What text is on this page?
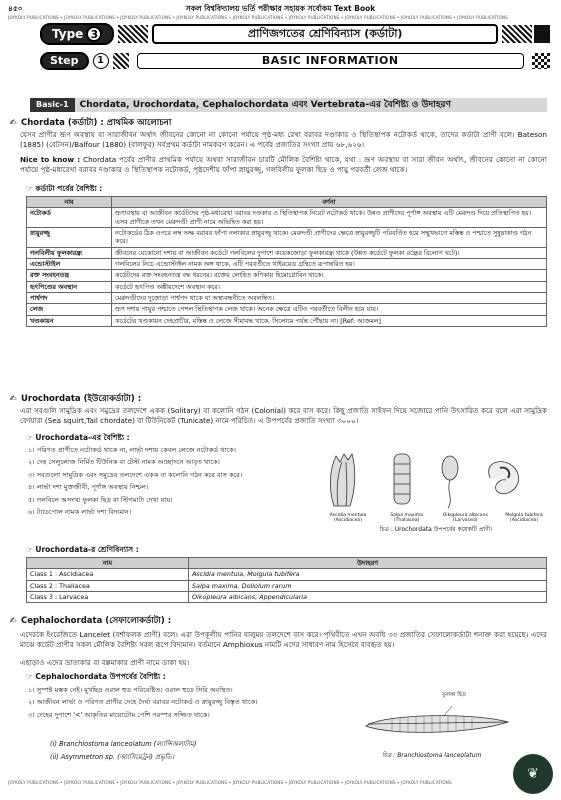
৪৫০	সকল বিশ্ববিদ্যালয় ভর্তি পরীক্ষার সহায়ক সর্বোকম Text Book
JOYKOLY PUBLICATIONS • JOYKOLY PUBLICATIONS • JOYKOLY PUBLICATIONS • JOYKOLY PUBLICATIONS • JOYKOLY PUBLICATIONS • JOYKOLY PUBLICATIONS • JOYKOLY PUBLICATIONS • JOYKOLY PUBLICATIONS • JOYKOLY PUBLICATIONS
Type 3	প্রাণিজগতের শ্রেণিবিন্যাস (কর্ডাটা)
Step	1	BASIC INFORMATION
Basic-1	Chordata, Urochordata, Cephalochordata এবং Vertebrata-এর বৈশিষ্ট্য ও উদাহরণ
✍ Chordata (কর্ডাটা) : প্রাথমিক আলোচনা
যেসব প্রাণীর ভ্রূণ অবস্থায় বা সারাজীবন অর্থাৎ জীবনের কোনো না কোনো পর্যায়ে পৃষ্ঠ-মধ্য রেখা বরাবর দণ্ডাকার ও স্থিতিস্থাপক নটোকর্ড থাকে, তাদের কর্ডাটা প্রাণী বলে। Bateson (1885) (বেটসন)/Balfour (1880) (বালফুর) সর্বপ্রথম কর্ডাটা নামকরণ করেন। এ পর্বের প্রজাতির সংখ্যা প্রায় ৬৮,৬২৬।
Nice to know : Chordata পর্বের প্রাণীর প্রাথমিক পর্যায়ে অথবা সারাজীবন চারটি মৌলিক বৈশিষ্ট্য থাকে, যথা : ভ্রূণ অবস্থায় বা সারা জীবন অর্থাৎ, জীবনের কোনো না কোনো পর্যায়ে পৃষ্ঠ-মধ্যরেখা বরাবর দণ্ডাকার ও স্থিতিস্থাপক নটোকর্ড, পৃষ্ঠদেশীয় ফাঁপা স্নায়ুরজ্জু, গলবিলীয় ফুলকা ছিদ্র ও পায়ু পরবর্তী লেজ থাকে।
☞ কর্ডাটা পর্বের বৈশিষ্ট্য :
নাম	বর্ণনা
নটোকর্ড	ভ্রূণাবস্থায় বা আজীবন কর্ডেটদের পৃষ্ঠ-মধ্যরেখা বরাবর দণ্ডকার ও স্থিতিস্থাপক নিরেট নটোকর্ড থাকে। উন্নত প্রাণীদের পূর্ণাঙ্গ অবস্থায় এটি মেরুদণ্ড দিয়ে প্রতিস্থাপিত হয়। এসব প্রাণীকে তখন মেরুদণ্ডী প্রাণী নামে অভিহিত করা হয়।
স্নায়ুরজ্জু	নটোকর্ডের ঠিক ওপরে লম্ব অক্ষ বরাবর ফাঁপা নলাকার স্নায়ুরজ্জু থাকে। মেরুদণ্ডী প্রাণীদের ক্ষেত্রে স্নায়ুরজ্জুটি পরিবর্তিত হয়ে সম্মুখভাগে মস্তিষ্ক ও পশ্চাতে সুষুম্নাকাণ্ড গঠন করে।
গলবিলীয় ফুলকারন্ধ্র	জীবনের যেকোনো দশায় বা আজীবন কর্ডেটে গলবিলের দুপাশে কয়েকজোড়া ফুলকারন্ধ্র থাকে (উন্নত কর্ডেটে ফুলকা রন্ধ্রের বিলোপ ঘটে)।
এন্ডোস্টাইল	গলবিলের নিচে এন্ডোস্টাইল নামক অঙ্গ থাকে, এটি পরবর্তীতে থাইরয়েড গ্রন্থিতে রূপান্তরিত হয়।
রক্ত সংবহনতন্ত্র	কর্ডেটদের রক্ত সংবহনতন্ত্র বদ্ধ ধরনের। রক্তের লোহিত কণিকায় হিমোগ্লোবিন থাকে।
হৃৎপিণ্ডের অবস্থান	কর্ডেটে হৃৎপিণ্ড অঙ্কীয়দেশে অবস্থান করে।
পার্শ্বপদ	মেরুদণ্ডীদের দুজোড়া পার্শ্বপদ থাকে যা অস্থ্যবন্ধনীতে অবলম্বিত।
লেজ	ভ্রূণ দশায় পায়ুর পশ্চাতে পেশল স্থিতিস্থাপক লেজ থাকে। অনেক ক্ষেত্রে এটিও পরবর্তীতে বিলীন হয়ে যায়।
খণ্ডকায়ন	কর্ডেটের খণ্ডকায়ন দেহপ্রাচীর, মস্তিষ্ক ও লেজে সীমাবদ্ধ থাকে, সিলোমে পর্যন্ত পৌঁছায় না। [Ref: আজমল]
✍ Urochordata (ইউরোকর্ডাটা) :
এরা সবগুলি সামুদ্রিক এবং সমুদ্রের তলদেশে একক (Solitary) বা কলোনি গঠন (Colonial) করে বাস করে। কিছু প্রজাতি সাইফন দিয়ে সজোরে পানি উৎসারিত করে বলে এরা সামুদ্রিক ফোয়ারা (Sea squirt,Tail chordate) বা টিউনিকেট (Tunicate) নামে পরিচিত। এ উপপর্বের প্রজাতি সংখ্যা ৩০০০।
☞ Urochordata-এর বৈশিষ্ট্য :
১। পরিণত প্রাণীতে নটোকর্ড থাকে না, লার্ভা দশায় কেবল লেজে নটোকর্ড থাকে।
২। দেহ সেলুলোজ নির্মিত টিউনিক বা টেস্ট নামক আচ্ছাদনে আবৃত থাকে।
৩। সবগুলো সামুদ্রিক এবং সমুদ্রের তলদেশে একক বা কলোনি গঠন করে বাস করে।
৪। লার্ভা দশা মুক্তজীবী, পূর্ণাঙ্গ অবস্থায় নিশ্চল।
৫। গলবিলে অসংখ্য ফুলকা ছিদ্র বা স্টিগমাটা দেখা যায়।
৬। ট্যাডপোল নামক লার্ভা দশা বিদ্যমান।	Ascidia mentula (Ascidiacea)
Salpa maxima (Thaliacea)
Oikopleura albicans (Larvacea)
Molgula tubifera (Ascidiacea)
চিত্র : Urochordata উপপর্বের কয়েকটি প্রাণী।
☞ Urochordata-র শ্রেণিবিন্যাস :
নাম	উদাহরণ
Class 1 : Ascidiacea	Ascidia mentula, Molgula tubifera
Class 2 : Thaliacea	Salpa maxima, Doliolum rarum
Class 3 : Larvacea	Oikopleura albicans, Appendicularia
✍ Cephalochordata (সেফালোকর্ডাটা) :
এদেরকে ইংরেজিতে Lancelet (বর্শাফলক প্রাণী) বলে। এরা উপকূলীয় পানির বালুময় তলদেশে বাস করে। পৃথিবীতে এখন অবধি ৩৩ প্রজাতির সেফালোকর্ডাটা শনাক্ত করা হয়েছে। এদের মাঝে কর্ডেট প্রাণীর সকল মৌলিক বৈশিষ্ট্য সরল রূপে বিদ্যমান। বর্তমানে Amphioxus নামটি এদের সাধারণ নাম হিসেবে ব্যবহৃত হয়।
এছাড়াও এদের ভ্রাতাকার বা বল্লমাকার প্রাণী নামে ডাকা হয়।
☞ Cephalochordata উপপর্বের বৈশিষ্ট্য :
১। সুস্পষ্ট মস্তক নেই। মুখছিদ্র ওরাল হুড পরিবেষ্টিত। ওরাল হুডে সিরি অবস্থিত।
২। আজীবন লার্ভা ও পরিণত প্রাণীর দেহে দৈর্ঘ্য বরাবর নটোকর্ড ও স্নায়ুরজ্জু বিস্তৃত থাকে।
৩। দেহের দুপাশে '<' আকৃতির মায়োটোম পেশি পরস্পর সজ্জিত থাকে।
(i) Branchiostoma lanceolatum (ল্যান্সিঅলাটাম)
(ii) Asymmetron sp. (অ্যাসিমেট্রন) প্রভৃতি।
ফুলকা ছিদ্র
চিত্র : Branchiostoma lanceolatum
JOYKOLY PUBLICATIONS • JOYKOLY PUBLICATIONS • JOYKOLY PUBLICATIONS • JOYKOLY PUBLICATIONS • JOYKOLY PUBLICATIONS • JOYKOLY PUBLICATIONS • JOYKOLY PUBLICATIONS • JOYKOLY PUBLICATIONS
❦
